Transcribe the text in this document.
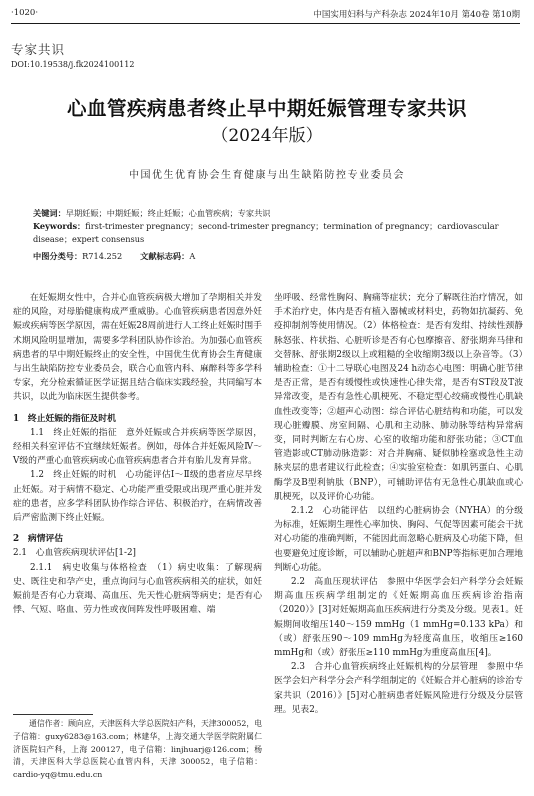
·1020·	中国实用妇科与产科杂志 2024年10月 第40卷 第10期
专家共识
DOI:10.19538/j.fk2024100112
心血管疾病患者终止早中期妊娠管理专家共识
（2024年版）
中国优生优育协会生育健康与出生缺陷防控专业委员会

关键词：早期妊娠；中期妊娠；终止妊娠；心血管疾病；专家共识

Keywords：first-trimester pregnancy；second-trimester pregnancy；termination of pregnancy；cardiovascular disease；expert consensus

中图分类号：R714.252 文献标志码：A

在妊娠期女性中，合并心血管疾病极大增加了孕期相关并发症的风险，对母胎健康构成严重威胁。心血管疾病患者因意外妊娠或疾病等医学原因，需在妊娠28周前进行人工终止妊娠时围手术期风险明显增加，需要多学科团队协作诊治。为加强心血管疾病患者的早中期妊娠终止的安全性，中国优生优育协会生育健康与出生缺陷防控专业委员会，联合心血管内科、麻醉科等多学科专家，充分检索循证医学证据且结合临床实践经验，共同编写本共识，以此为临床医生提供参考。

1　终止妊娠的指征及时机

1.1　终止妊娠的指征　意外妊娠或合并疾病等医学原因，经相关科室评估不宜继续妊娠者。例如，母体合并妊娠风险Ⅳ～Ⅴ级的严重心血管疾病或心血管疾病患者合并有胎儿发育异常。

1.2　终止妊娠的时机　心功能评估Ⅰ～Ⅱ级的患者应尽早终止妊娠。对于病情不稳定、心功能严重受限或出现严重心脏并发症的患者，应多学科团队协作综合评估、积极治疗，在病情改善后严密监测下终止妊娠。

2　病情评估

2.1　心血管疾病现状评估[1-2]

2.1.1　病史收集与体格检查　（1）病史收集：了解现病史、既往史和孕产史，重点询问与心血管疾病相关的症状，如妊娠前是否有心力衰竭、高血压、先天性心脏病等病史；是否有心悸、气短、咯血、劳力性或夜间阵发性呼吸困难、端

坐呼吸、经常性胸闷、胸痛等症状；充分了解既往治疗情况，如手术治疗史，体内是否有植入器械或材料史，药物如抗凝药、免疫抑制剂等使用情况。（2）体格检查：是否有发绀、持续性颈静脉怒张、杵状指、心脏听诊是否有心包摩擦音、舒张期奔马律和交替脉、舒张期2级以上或粗糙的全收缩期3级以上杂音等。（3）辅助检查：①十二导联心电图及24 h动态心电图：明确心脏节律是否正常，是否有缓慢性或快速性心律失常，是否有ST段及T波异常改变，是否有急性心肌梗死、不稳定型心绞痛或慢性心肌缺血性改变等；②超声心动图：综合评估心脏结构和功能，可以发现心脏瓣膜、房室间隔、心肌和主动脉、肺动脉等结构异常病变，同时判断左右心房、心室的收缩功能和舒张功能；③CT血管造影或CT肺动脉造影：对合并胸痛、疑似肺栓塞或急性主动脉夹层的患者建议行此检查；④实验室检查：如肌钙蛋白、心肌酶学及B型利钠肽（BNP），可辅助评估有无急性心肌缺血或心肌梗死，以及评价心功能。

2.1.2　心功能评估　以纽约心脏病协会（NYHA）的分级为标准，妊娠期生理性心率加快、胸闷、气促等因素可能会干扰对心功能的准确判断，不能因此而忽略心脏病及心功能下降，但也要避免过度诊断，可以辅助心脏超声和BNP等指标更加合理地判断心功能。

2.2　高血压现状评估　参照中华医学会妇产科学分会妊娠期高血压疾病学组制定的《妊娠期高血压疾病诊治指南（2020）》[3]对妊娠期高血压疾病进行分类及分级。见表1。妊娠期间收缩压140～159 mmHg（1 mmHg=0.133 kPa）和（或）舒张压90～109 mmHg为轻度高血压，收缩压≥160 mmHg和（或）舒张压≥110 mmHg为重度高血压[4]。

2.3　合并心血管疾病终止妊娠机构的分层管理　参照中华医学会妇产科学分会产科学组制定的《妊娠合并心脏病的诊治专家共识（2016）》[5]对心脏病患者妊娠风险进行分级及分层管理。见表2。

通信作者：顾向应，天津医科大学总医院妇产科，天津300052，电子信箱：guxy6283@163.com；林建华，上海交通大学医学院附属仁济医院妇产科，上海 200127，电子信箱：linjhuarj@126.com；杨清，天津医科大学总医院心血管内科，天津 300052，电子信箱：cardio-yq@tmu.edu.cn
